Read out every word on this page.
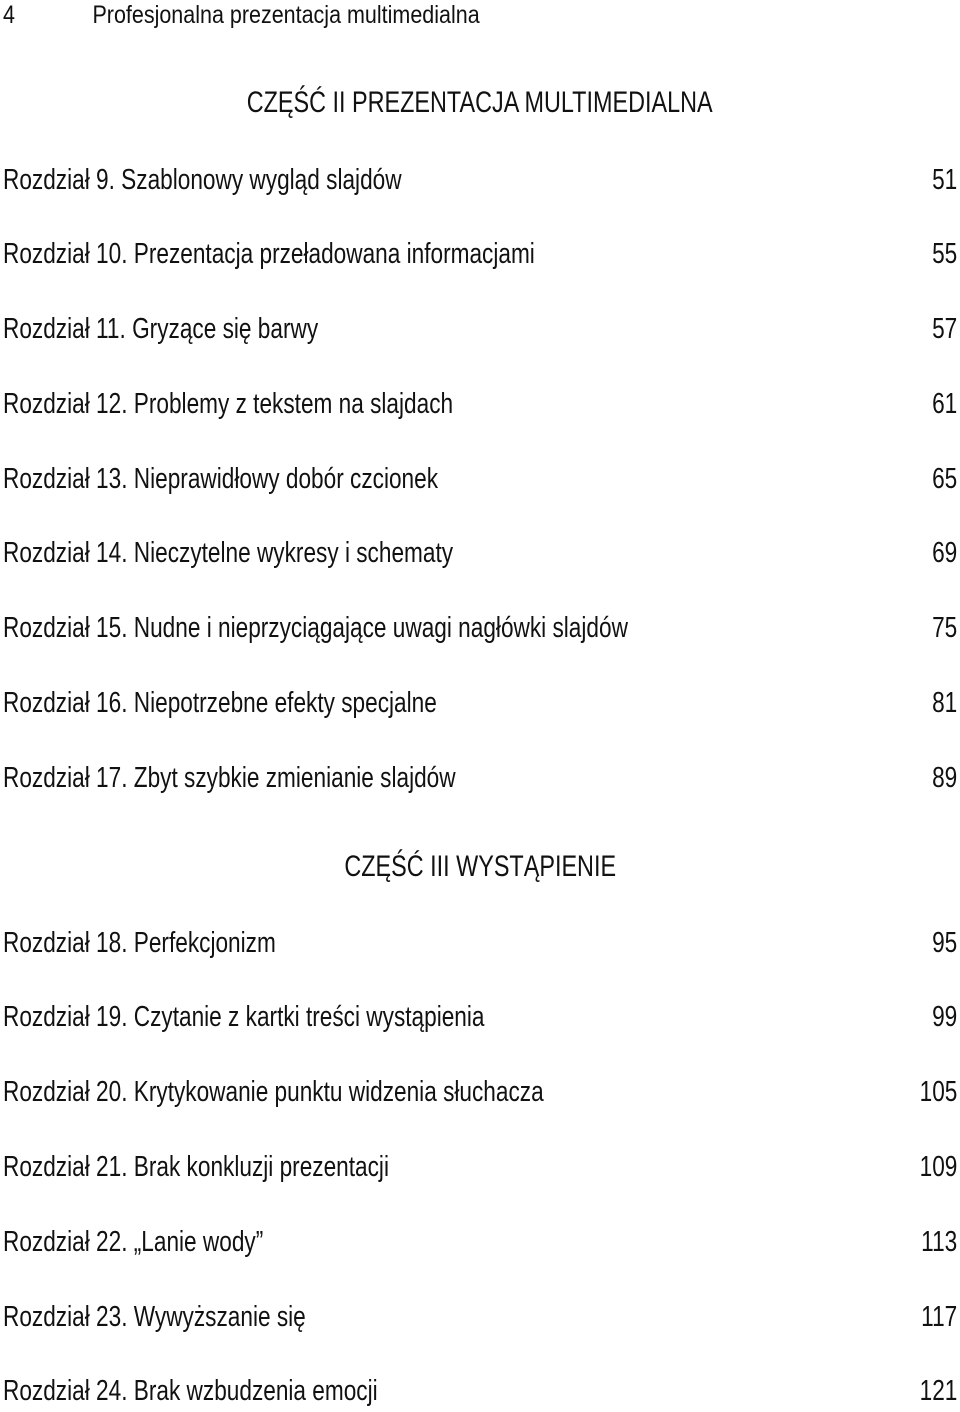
4	Profesjonalna prezentacja multimedialna
CZĘŚĆ II PREZENTACJA MULTIMEDIALNA
Rozdział 9. Szablonowy wygląd slajdów	51
Rozdział 10. Prezentacja przeładowana informacjami	55
Rozdział 11. Gryzące się barwy	57
Rozdział 12. Problemy z tekstem na slajdach	61
Rozdział 13. Nieprawidłowy dobór czcionek	65
Rozdział 14. Nieczytelne wykresy i schematy	69
Rozdział 15. Nudne i nieprzyciągające uwagi nagłówki slajdów	75
Rozdział 16. Niepotrzebne efekty specjalne	81
Rozdział 17. Zbyt szybkie zmienianie slajdów	89
CZĘŚĆ III WYSTĄPIENIE
Rozdział 18. Perfekcjonizm	95
Rozdział 19. Czytanie z kartki treści wystąpienia	99
Rozdział 20. Krytykowanie punktu widzenia słuchacza	105
Rozdział 21. Brak konkluzji prezentacji	109
Rozdział 22. „Lanie wody”	113
Rozdział 23. Wywyższanie się	117
Rozdział 24. Brak wzbudzenia emocji	121
